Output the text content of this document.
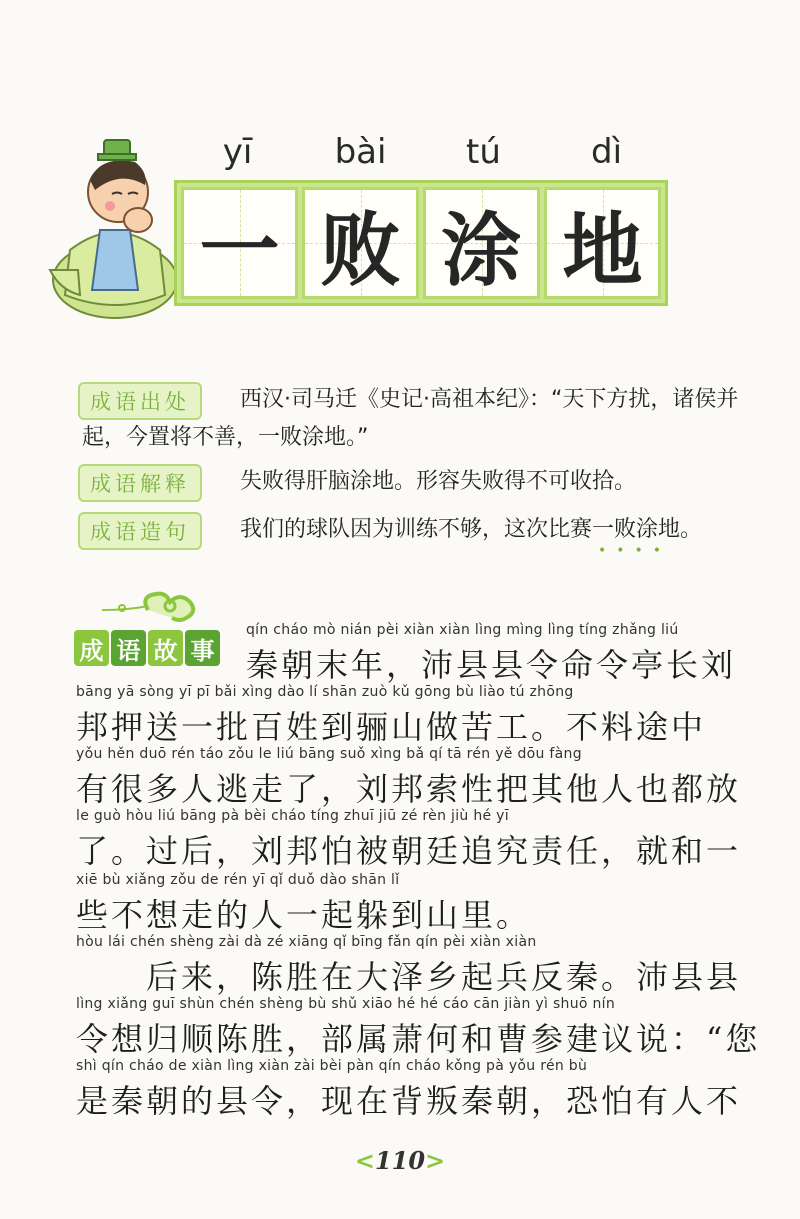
yī	bài	tú	dì
一 败 涂 地
成语出处	西汉·司马迁《史记·高祖本纪》：“天下方扰，诸侯并
起，今置将不善，一败涂地。”
成语解释	失败得肝脑涂地。形容失败得不可收拾。
成语造句	我们的球队因为训练不够，这次比赛一败涂地。
••••
成 语 故 事
qín cháo mò nián pèi xiàn xiàn lìng mìng lìng tíng zhǎng liú
秦朝末年，沛县县令命令亭长刘
bāng yā sòng yī pī bǎi xìng dào lí shān zuò kǔ gōng bù liào tú zhōng
邦押送一批百姓到骊山做苦工。不料途中
yǒu hěn duō rén táo zǒu le liú bāng suǒ xìng bǎ qí tā rén yě dōu fàng
有很多人逃走了，刘邦索性把其他人也都放
le guò hòu liú bāng pà bèi cháo tíng zhuī jiū zé rèn jiù hé yī
了。过后，刘邦怕被朝廷追究责任，就和一
xiē bù xiǎng zǒu de rén yī qǐ duǒ dào shān lǐ
些不想走的人一起躲到山里。
hòu lái chén shèng zài dà zé xiāng qǐ bīng fǎn qín pèi xiàn xiàn
　　后来，陈胜在大泽乡起兵反秦。沛县县
lìng xiǎng guī shùn chén shèng bù shǔ xiāo hé hé cáo cān jiàn yì shuō nín
令想归顺陈胜，部属萧何和曹参建议说：“您
shì qín cháo de xiàn lìng xiàn zài bèi pàn qín cháo kǒng pà yǒu rén bù
是秦朝的县令，现在背叛秦朝，恐怕有人不
<110>
